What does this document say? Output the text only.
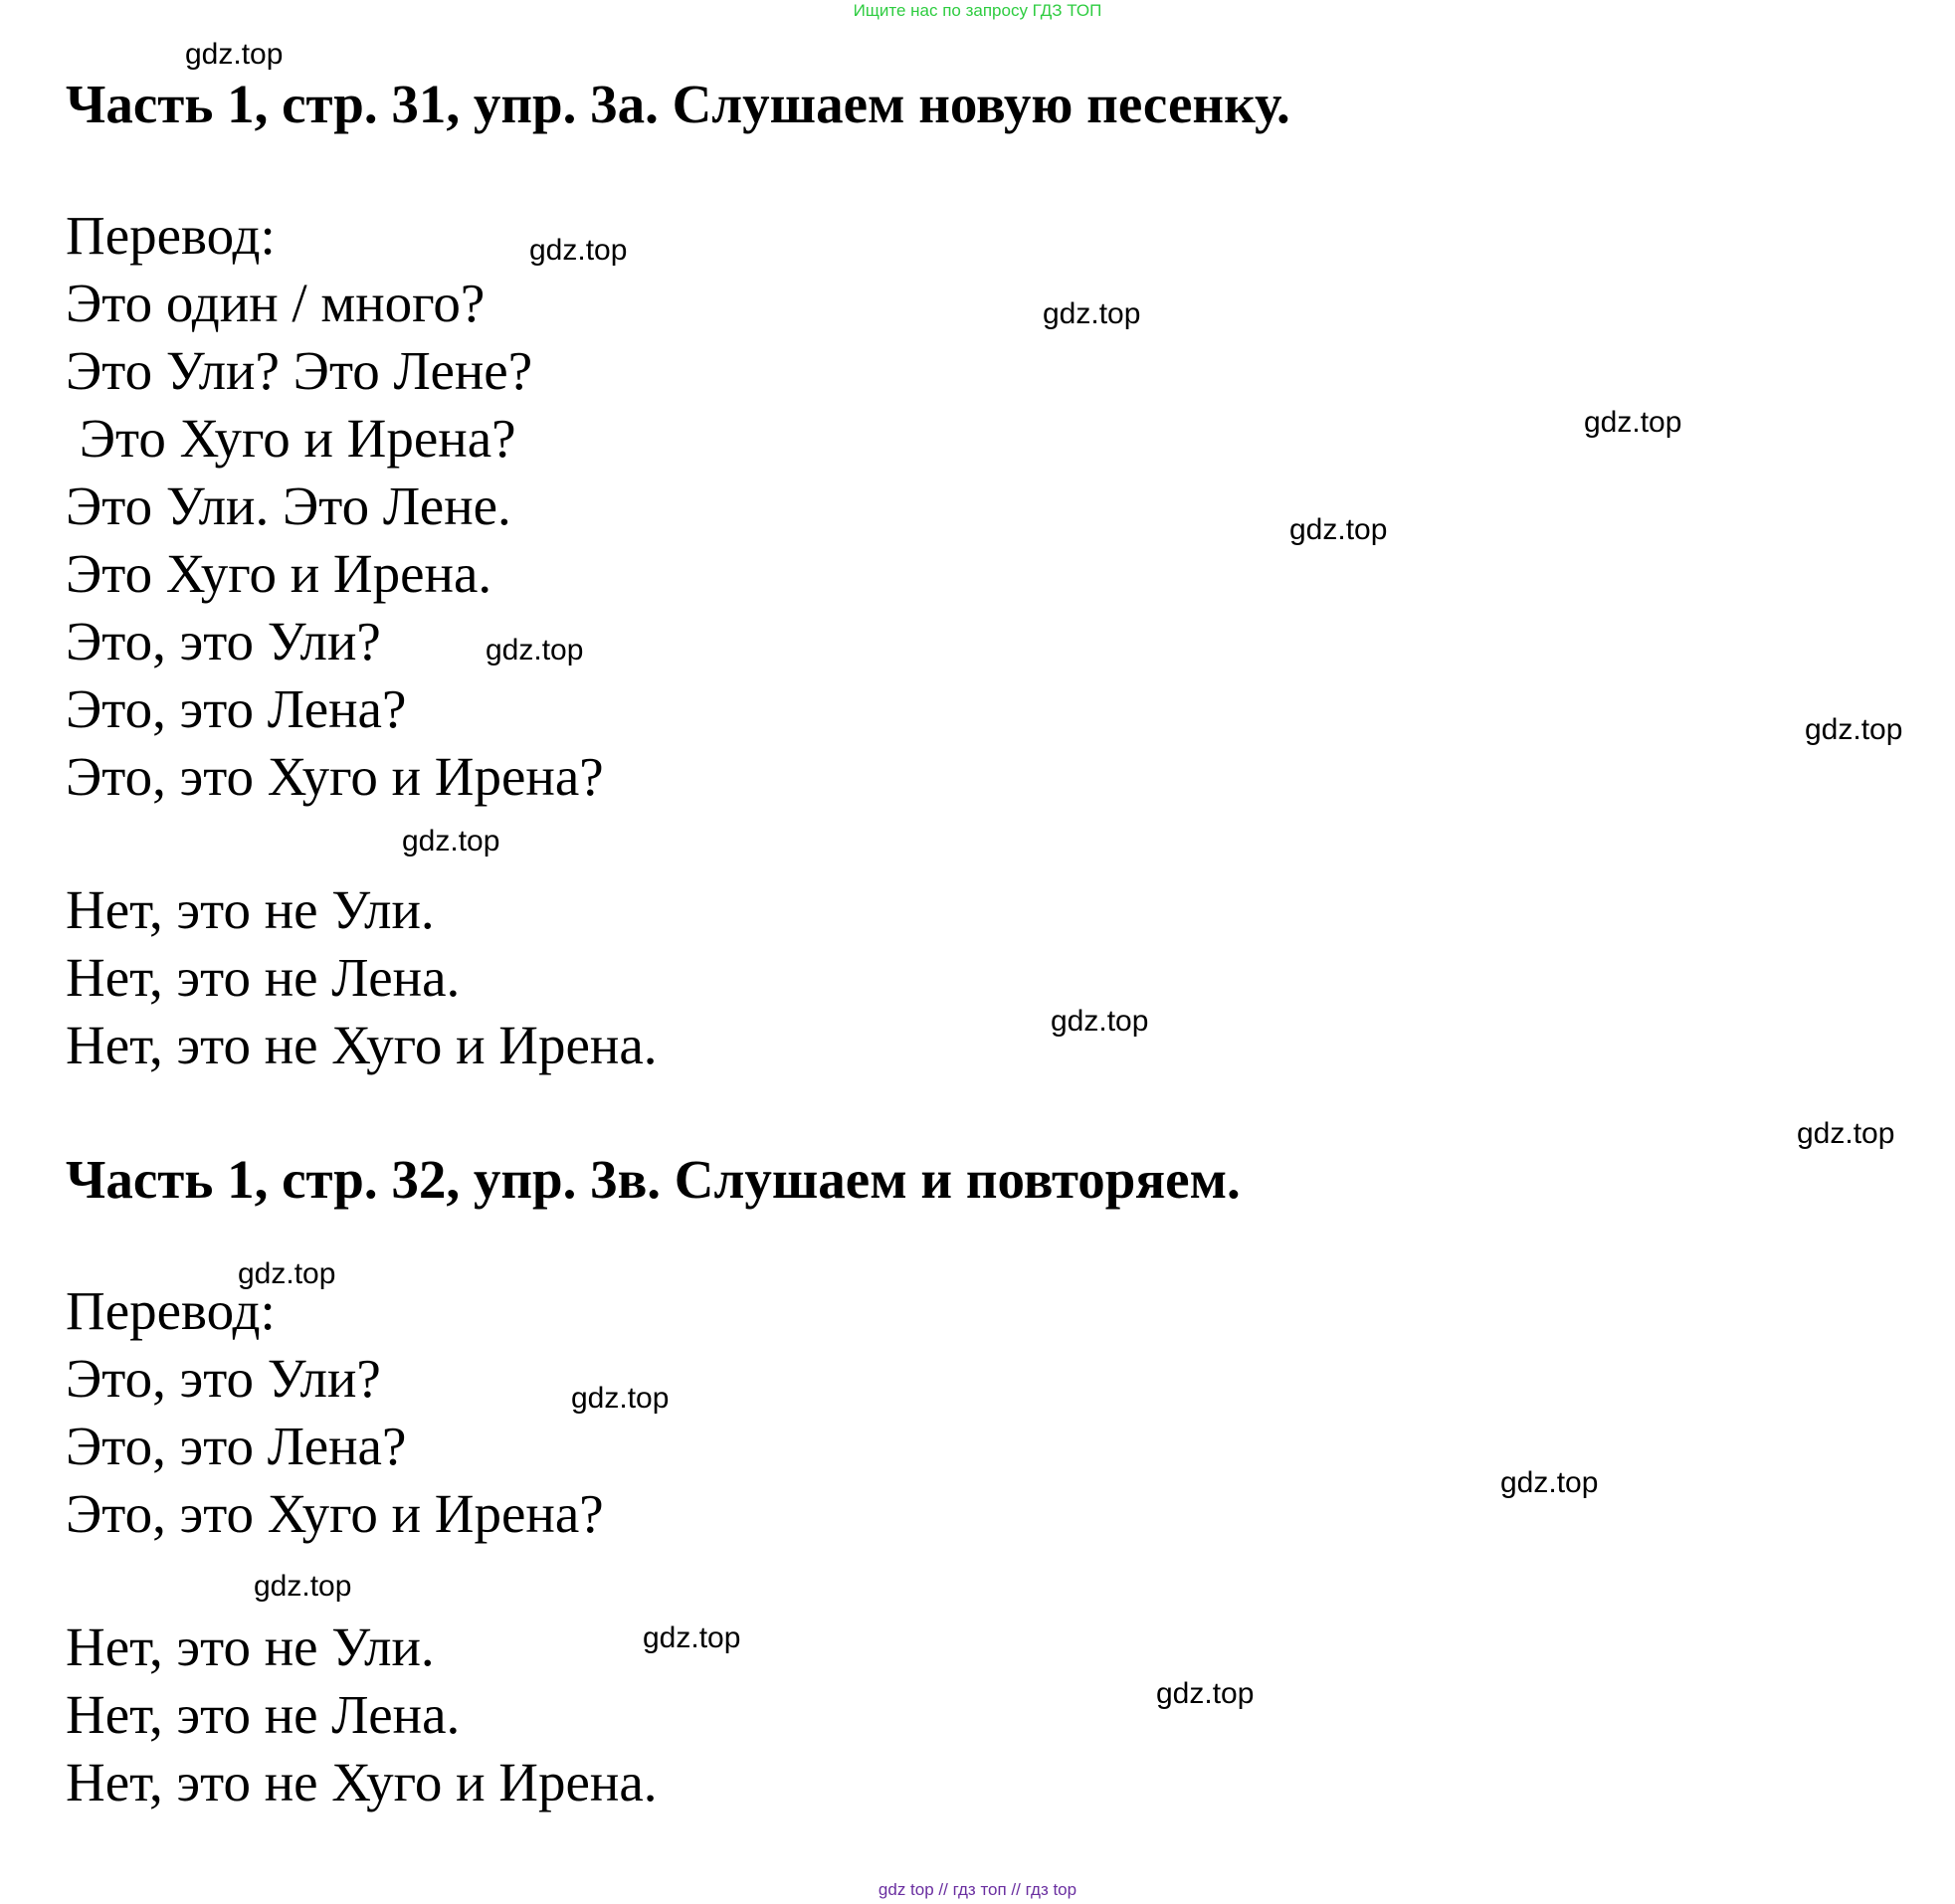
Ищите нас по запросу ГДЗ ТОП
Часть 1, стр. 31, упр. 3а. Слушаем новую песенку.
Перевод:
Это один / много?
Это Ули? Это Лене?
Это Хуго и Ирена?
Это Ули. Это Лене.
Это Хуго и Ирена.
Это, это Ули?
Это, это Лена?
Это, это Хуго и Ирена?
Нет, это не Ули.
Нет, это не Лена.
Нет, это не Хуго и Ирена.
Часть 1, стр. 32, упр. 3в. Слушаем и повторяем.
Перевод:
Это, это Ули?
Это, это Лена?
Это, это Хуго и Ирена?
Нет, это не Ули.
Нет, это не Лена.
Нет, это не Хуго и Ирена.
gdz.top
gdz.top
gdz.top
gdz.top
gdz.top
gdz.top
gdz.top
gdz.top
gdz.top
gdz.top
gdz.top
gdz.top
gdz.top
gdz.top
gdz.top
gdz.top
gdz top // гдз топ // гдз top
